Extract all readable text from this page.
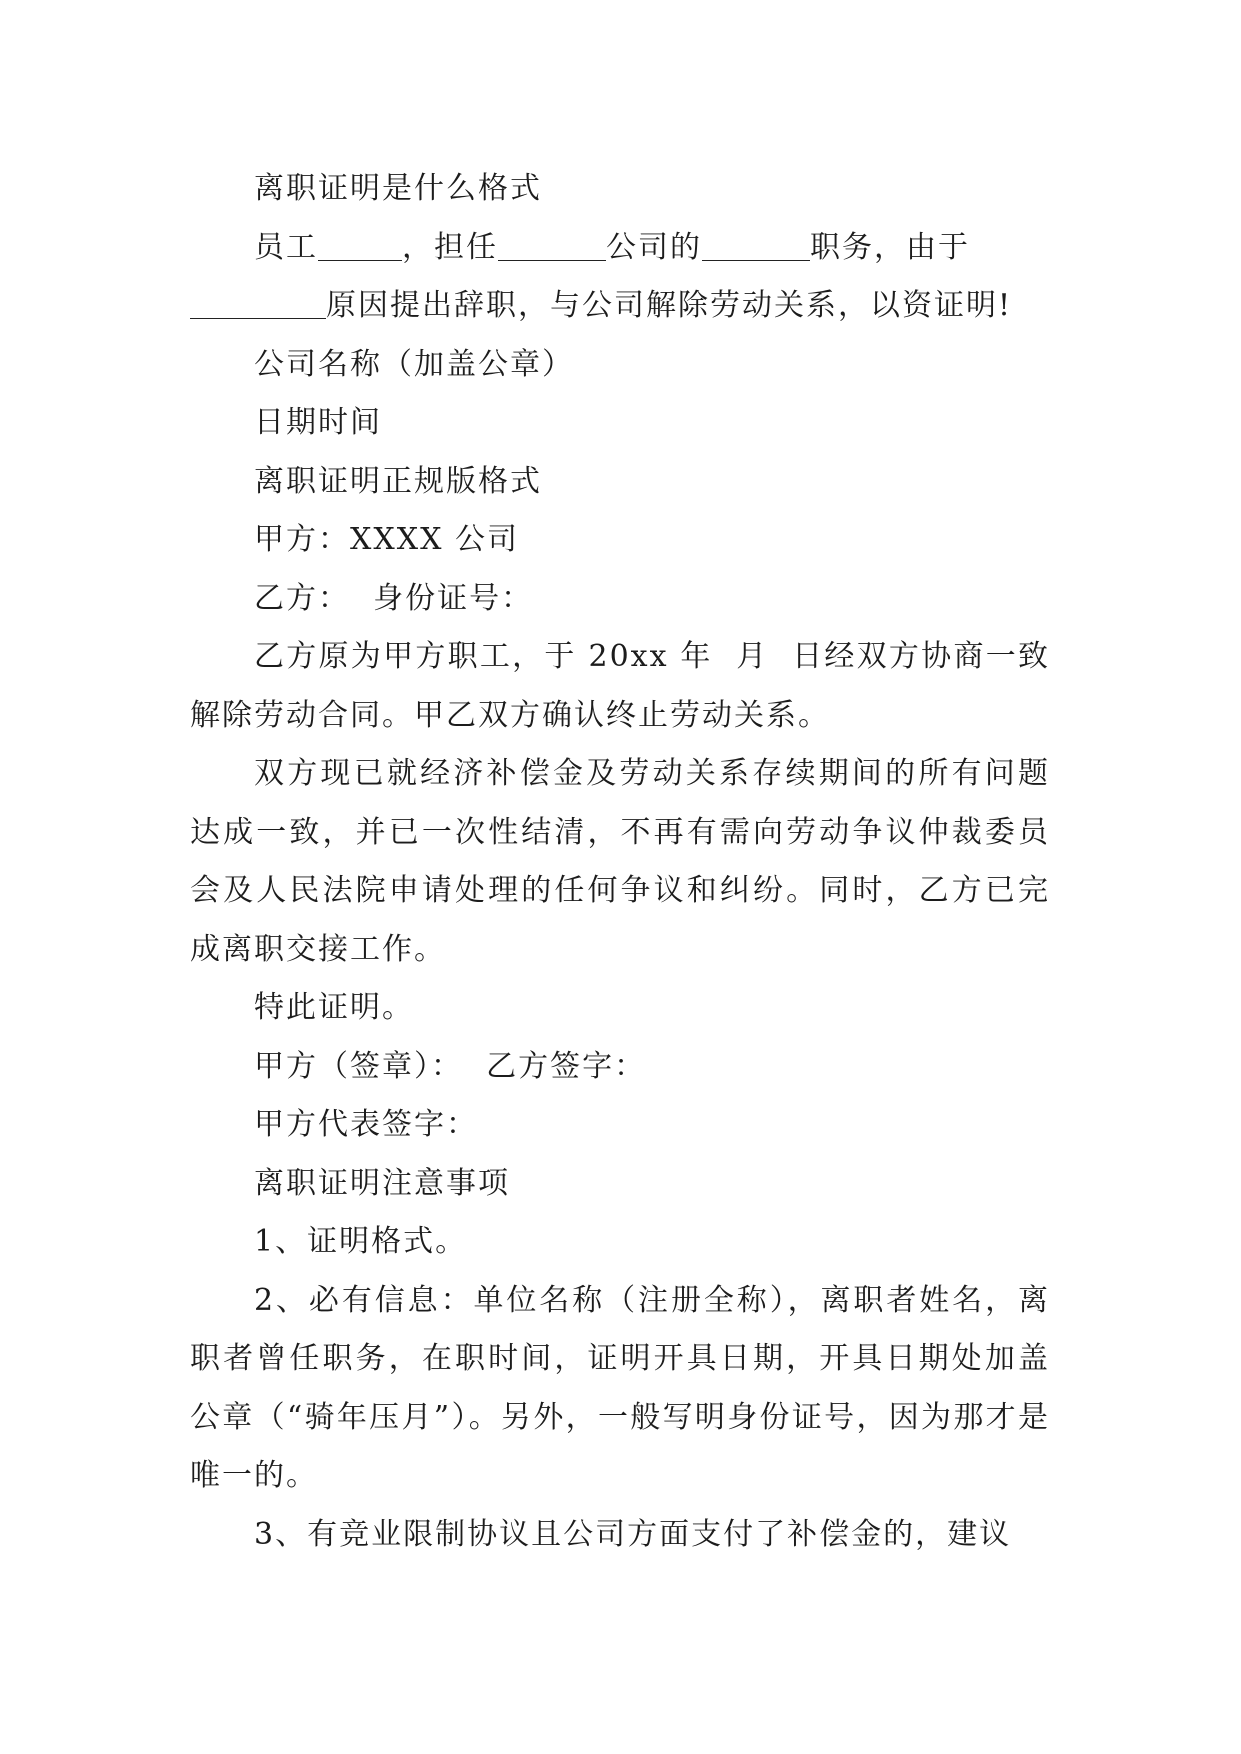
离职证明是什么格式

员工	，担任	公司的	职务，由于
原因提出辞职，与公司解除劳动关系，以资证明!

公司名称（加盖公章）

日期时间

离职证明正规版格式

甲方：XXXX 公司

乙方：  身份证号：

乙方原为甲方职工，于 20xx 年  月  日经双方协商一致解除劳动合同。甲乙双方确认终止劳动关系。

双方现已就经济补偿金及劳动关系存续期间的所有问题达成一致，并已一次性结清，不再有需向劳动争议仲裁委员会及人民法院申请处理的任何争议和纠纷。同时，乙方已完成离职交接工作。

特此证明。

甲方（签章）：  乙方签字：

甲方代表签字：

离职证明注意事项

1、证明格式。

2、必有信息：单位名称（注册全称），离职者姓名，离职者曾任职务，在职时间，证明开具日期，开具日期处加盖公章（“骑年压月”）。另外，一般写明身份证号，因为那才是唯一的。

3、有竞业限制协议且公司方面支付了补偿金的，建议
